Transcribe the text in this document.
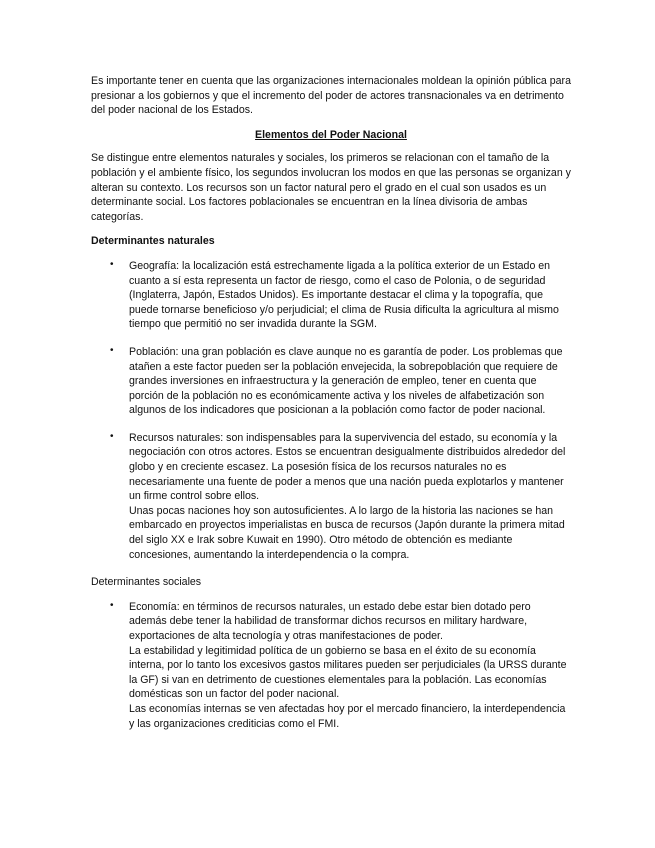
Es importante tener en cuenta que las organizaciones internacionales moldean la opinión pública para presionar a los gobiernos y que el incremento del poder de actores transnacionales va en detrimento del poder nacional de los Estados.

Elementos del Poder Nacional

Se distingue entre elementos naturales y sociales, los primeros se relacionan con el tamaño de la población y el ambiente físico, los segundos involucran los modos en que las personas se organizan y alteran su contexto. Los recursos son un factor natural pero el grado en el cual son usados es un determinante social. Los factores poblacionales se encuentran en la línea divisoria de ambas categorías.

Determinantes naturales

• Geografía: la localización está estrechamente ligada a la política exterior de un Estado en cuanto a sí esta representa un factor de riesgo, como el caso de Polonia, o de seguridad (Inglaterra, Japón, Estados Unidos). Es importante destacar el clima y la topografía, que puede tornarse beneficioso y/o perjudicial; el clima de Rusia dificulta la agricultura al mismo tiempo que permitió no ser invadida durante la SGM.
• Población: una gran población es clave aunque no es garantía de poder. Los problemas que atañen a este factor pueden ser la población envejecida, la sobrepoblación que requiere de grandes inversiones en infraestructura y la generación de empleo, tener en cuenta que porción de la población no es económicamente activa y los niveles de alfabetización son algunos de los indicadores que posicionan a la población como factor de poder nacional.
• Recursos naturales: son indispensables para la supervivencia del estado, su economía y la negociación con otros actores. Estos se encuentran desigualmente distribuidos alrededor del globo y en creciente escasez. La posesión física de los recursos naturales no es necesariamente una fuente de poder a menos que una nación pueda explotarlos y mantener un firme control sobre ellos.
Unas pocas naciones hoy son autosuficientes. A lo largo de la historia las naciones se han embarcado en proyectos imperialistas en busca de recursos (Japón durante la primera mitad del siglo XX e Irak sobre Kuwait en 1990). Otro método de obtención es mediante concesiones, aumentando la interdependencia o la compra.

Determinantes sociales

• Economía: en términos de recursos naturales, un estado debe estar bien dotado pero además debe tener la habilidad de transformar dichos recursos en military hardware, exportaciones de alta tecnología y otras manifestaciones de poder.
La estabilidad y legitimidad política de un gobierno se basa en el éxito de su economía interna, por lo tanto los excesivos gastos militares pueden ser perjudiciales (la URSS durante la GF) si van en detrimento de cuestiones elementales para la población. Las economías domésticas son un factor del poder nacional.
Las economías internas se ven afectadas hoy por el mercado financiero, la interdependencia y las organizaciones crediticias como el FMI.
